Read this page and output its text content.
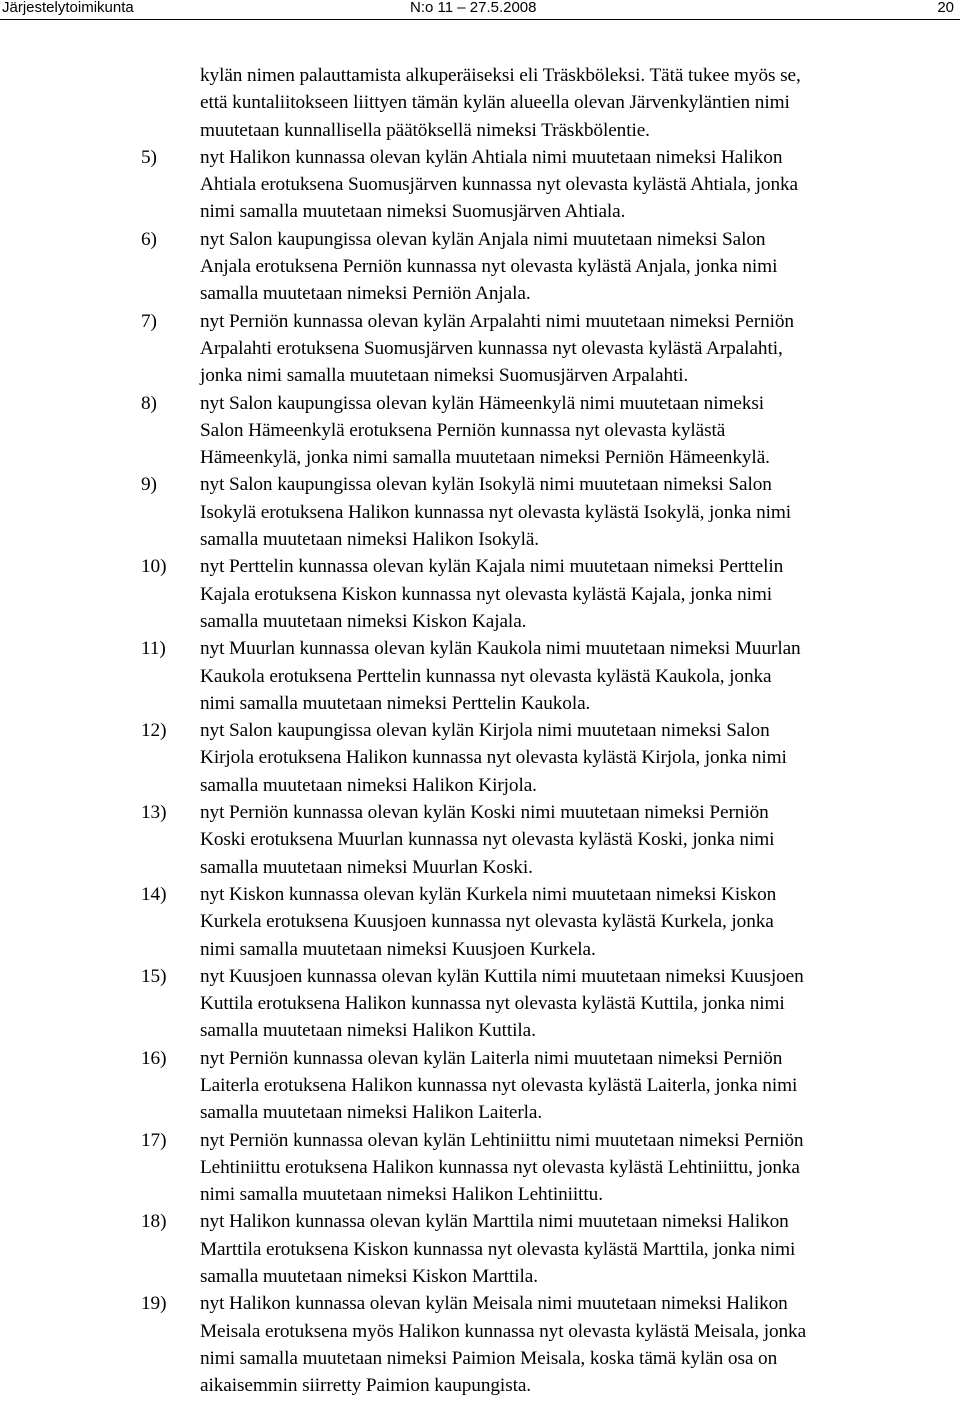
Järjestelytoimikunta	N:o 11 – 27.5.2008	20
kylän nimen palauttamista alkuperäiseksi eli Träskböleksi. Tätä tukee myös se,
että kuntaliitokseen liittyen tämän kylän alueella olevan Järvenkyläntien nimi
muutetaan kunnallisella päätöksellä nimeksi Träskbölentie.
5) nyt Halikon kunnassa olevan kylän Ahtiala nimi muutetaan nimeksi Halikon
Ahtiala erotuksena Suomusjärven kunnassa nyt olevasta kylästä Ahtiala, jonka
nimi samalla muutetaan nimeksi Suomusjärven Ahtiala.
6) nyt Salon kaupungissa olevan kylän Anjala nimi muutetaan nimeksi Salon
Anjala erotuksena Perniön kunnassa nyt olevasta kylästä Anjala, jonka nimi
samalla muutetaan nimeksi Perniön Anjala.
7) nyt Perniön kunnassa olevan kylän Arpalahti nimi muutetaan nimeksi Perniön
Arpalahti erotuksena Suomusjärven kunnassa nyt olevasta kylästä Arpalahti,
jonka nimi samalla muutetaan nimeksi Suomusjärven Arpalahti.
8) nyt Salon kaupungissa olevan kylän Hämeenkylä nimi muutetaan nimeksi
Salon Hämeenkylä erotuksena Perniön kunnassa nyt olevasta kylästä
Hämeenkylä, jonka nimi samalla muutetaan nimeksi Perniön Hämeenkylä.
9) nyt Salon kaupungissa olevan kylän Isokylä nimi muutetaan nimeksi Salon
Isokylä erotuksena Halikon kunnassa nyt olevasta kylästä Isokylä, jonka nimi
samalla muutetaan nimeksi Halikon Isokylä.
10) nyt Perttelin kunnassa olevan kylän Kajala nimi muutetaan nimeksi Perttelin
Kajala erotuksena Kiskon kunnassa nyt olevasta kylästä Kajala, jonka nimi
samalla muutetaan nimeksi Kiskon Kajala.
11) nyt Muurlan kunnassa olevan kylän Kaukola nimi muutetaan nimeksi Muurlan
Kaukola erotuksena Perttelin kunnassa nyt olevasta kylästä Kaukola, jonka
nimi samalla muutetaan nimeksi Perttelin Kaukola.
12) nyt Salon kaupungissa olevan kylän Kirjola nimi muutetaan nimeksi Salon
Kirjola erotuksena Halikon kunnassa nyt olevasta kylästä Kirjola, jonka nimi
samalla muutetaan nimeksi Halikon Kirjola.
13) nyt Perniön kunnassa olevan kylän Koski nimi muutetaan nimeksi Perniön
Koski erotuksena Muurlan kunnassa nyt olevasta kylästä Koski, jonka nimi
samalla muutetaan nimeksi Muurlan Koski.
14) nyt Kiskon kunnassa olevan kylän Kurkela nimi muutetaan nimeksi Kiskon
Kurkela erotuksena Kuusjoen kunnassa nyt olevasta kylästä Kurkela, jonka
nimi samalla muutetaan nimeksi Kuusjoen Kurkela.
15) nyt Kuusjoen kunnassa olevan kylän Kuttila nimi muutetaan nimeksi Kuusjoen
Kuttila erotuksena Halikon kunnassa nyt olevasta kylästä Kuttila, jonka nimi
samalla muutetaan nimeksi Halikon Kuttila.
16) nyt Perniön kunnassa olevan kylän Laiterla nimi muutetaan nimeksi Perniön
Laiterla erotuksena Halikon kunnassa nyt olevasta kylästä Laiterla, jonka nimi
samalla muutetaan nimeksi Halikon Laiterla.
17) nyt Perniön kunnassa olevan kylän Lehtiniittu nimi muutetaan nimeksi Perniön
Lehtiniittu erotuksena Halikon kunnassa nyt olevasta kylästä Lehtiniittu, jonka
nimi samalla muutetaan nimeksi Halikon Lehtiniittu.
18) nyt Halikon kunnassa olevan kylän Marttila nimi muutetaan nimeksi Halikon
Marttila erotuksena Kiskon kunnassa nyt olevasta kylästä Marttila, jonka nimi
samalla muutetaan nimeksi Kiskon Marttila.
19) nyt Halikon kunnassa olevan kylän Meisala nimi muutetaan nimeksi Halikon
Meisala erotuksena myös Halikon kunnassa nyt olevasta kylästä Meisala, jonka
nimi samalla muutetaan nimeksi Paimion Meisala, koska tämä kylän osa on
aikaisemmin siirretty Paimion kaupungista.
